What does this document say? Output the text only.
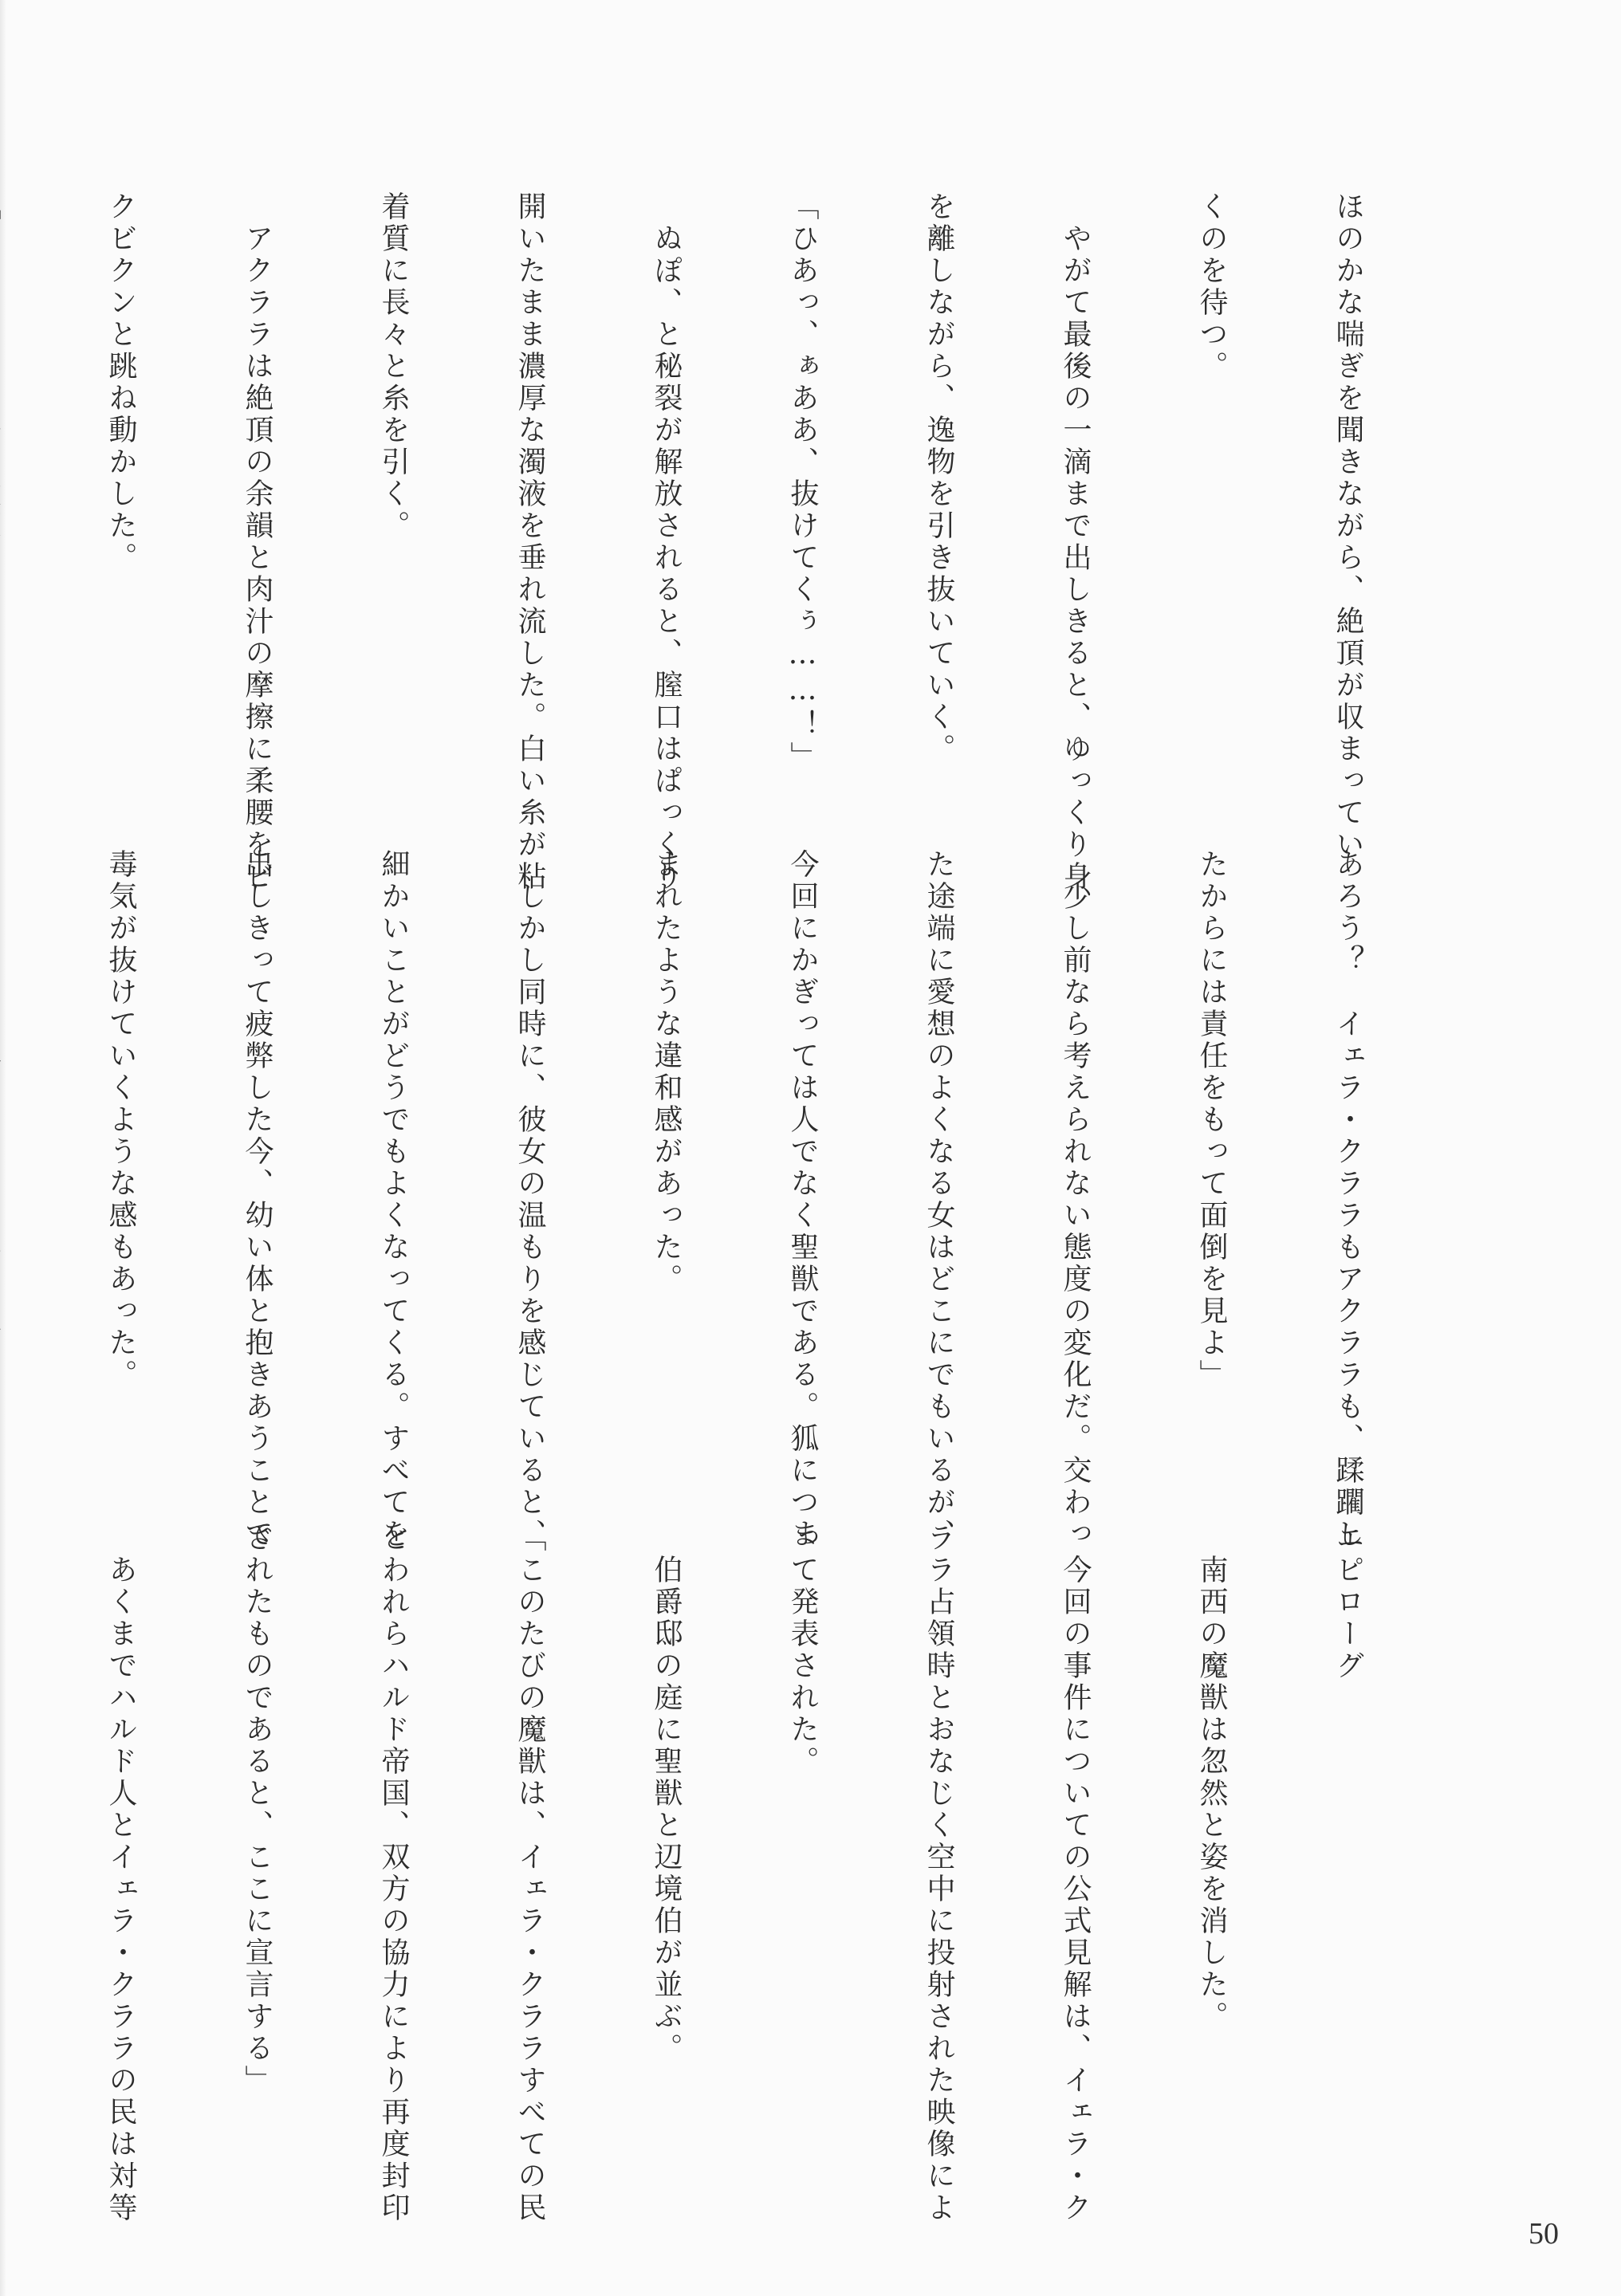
ほのかな喘ぎを聞きながら、絶頂が収まってい

くのを待つ。

　やがて最後の一滴まで出しきると、ゆっくり身

を離しながら、逸物を引き抜いていく。

「ひあっ、ぁああ、抜けてくぅ……！」

　ぬぽ、と秘裂が解放されると、膣口はぱっくり

開いたまま濃厚な濁液を垂れ流した。白い糸が粘

着質に長々と糸を引く。

　アクララは絶頂の余韻と肉汁の摩擦に柔腰をビ

クビクンと跳ね動かした。

あろう？　イェラ・クララもアクララも、蹂躙し

たからには責任をもって面倒を見よ」

　少し前なら考えられない態度の変化だ。交わっ

た途端に愛想のよくなる女はどこにでもいるが、

今回にかぎっては人でなく聖獣である。狐につま

まれたような違和感があった。

　しかし同時に、彼女の温もりを感じていると、

細かいことがどうでもよくなってくる。すべてを

出しきって疲弊した今、幼い体と抱きあうことで

毒気が抜けていくような感もあった。

エピローグ

　南西の魔獣は忽然と姿を消した。

　今回の事件についての公式見解は、イェラ・ク

ララ占領時とおなじく空中に投射された映像によ

って発表された。

　伯爵邸の庭に聖獣と辺境伯が並ぶ。

「このたびの魔獣は、イェラ・クララすべての民

とわれらハルド帝国、双方の協力により再度封印

されたものであると、ここに宣言する」

　あくまでハルド人とイェラ・クララの民は対等

50
